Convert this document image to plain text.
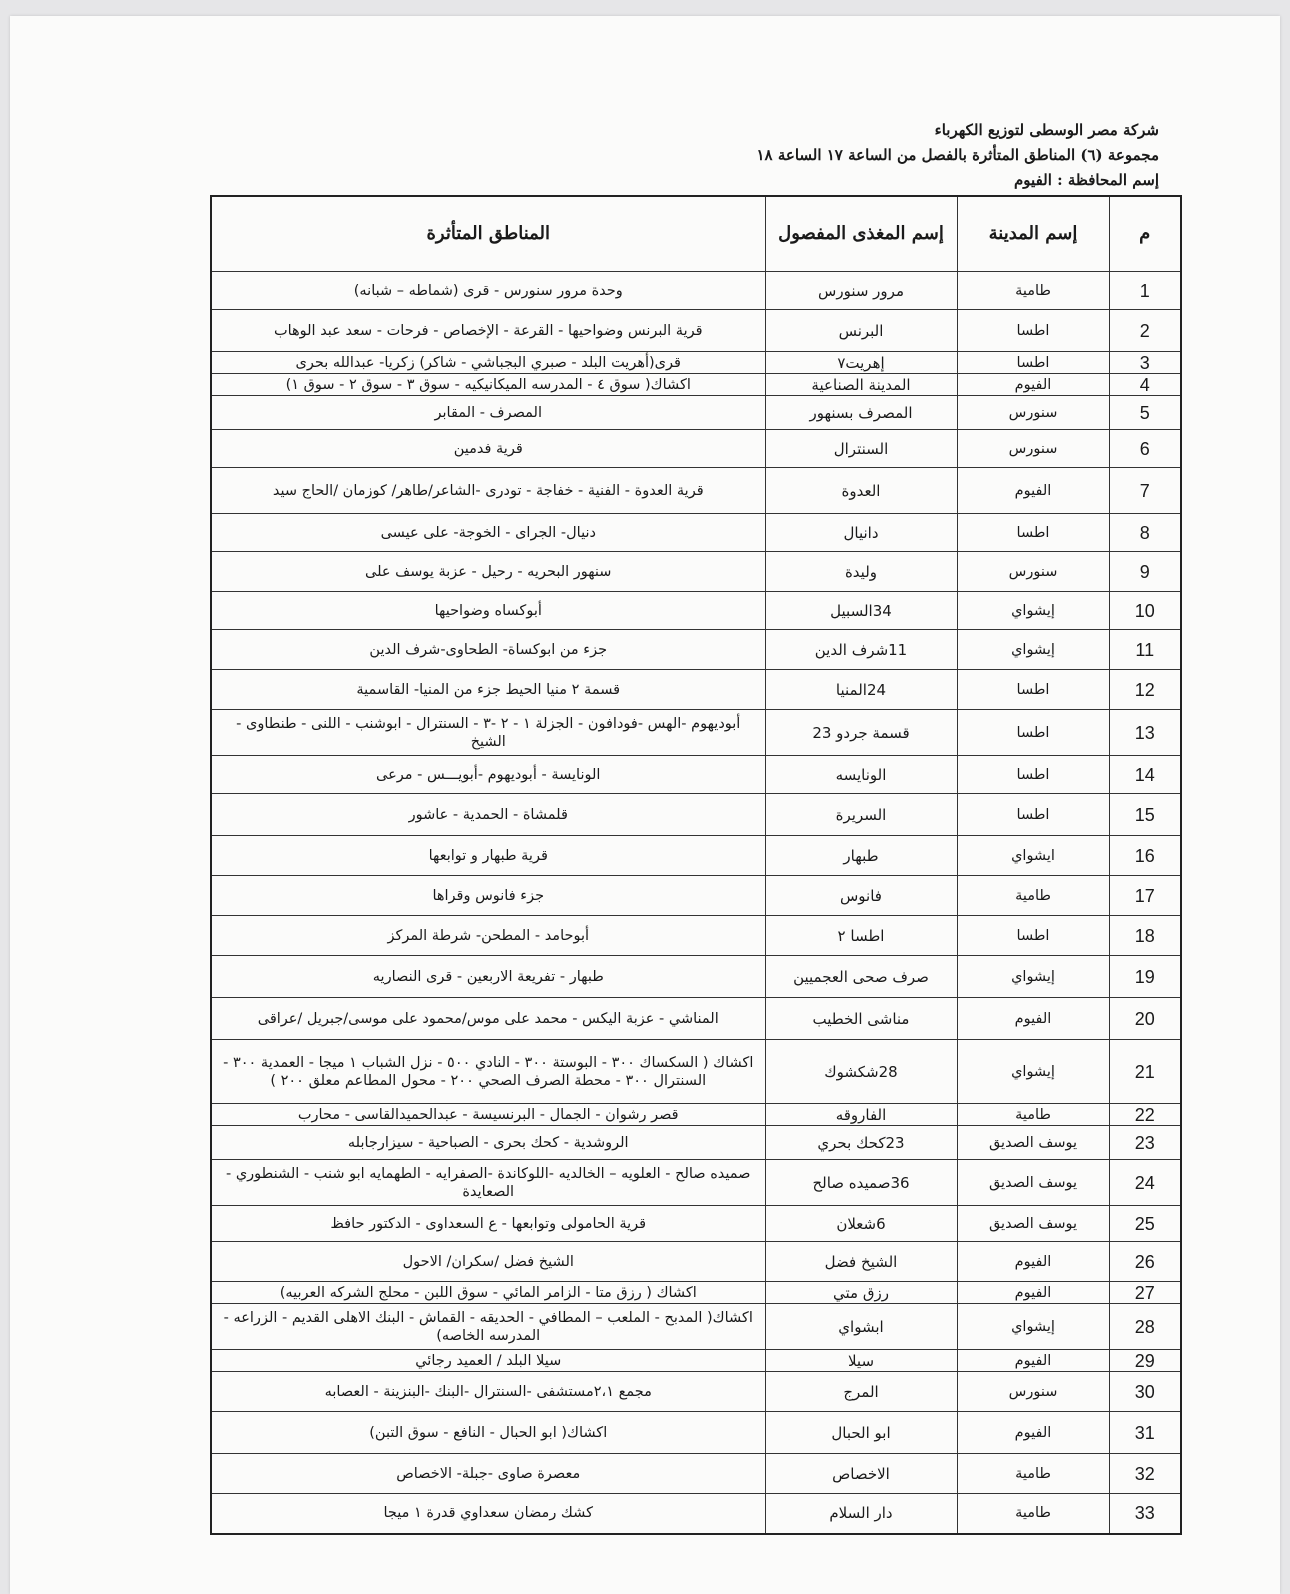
شركة مصر الوسطى لتوزيع الكهرباء
مجموعة (٦) المناطق المتأثرة بالفصل من الساعة ١٧ الساعة ١٨
إسم المحافظة : الفيوم
م	إسم المدينة	إسم المغذى المفصول	المناطق المتأثرة
1	طامية	مرور سنورس	وحدة مرور سنورس - قرى (شماطه – شبانه)
2	اطسا	البرنس	قرية البرنس وضواحيها - القرعة - الإخصاص - فرحات - سعد عبد الوهاب
3	اطسا	إهريت٧	قرى(أهريت البلد - صبري البجباشي - شاكر) زكريا- عبدالله بحرى
4	الفيوم	المدينة الصناعية	اكشاك( سوق ٤ - المدرسه الميكانيكيه - سوق ٣ - سوق ٢ - سوق ١)
5	سنورس	المصرف بسنهور	المصرف - المقابر
6	سنورس	السنترال	قرية فدمين
7	الفيوم	العدوة	قرية العدوة - الفنية - خفاجة - تودرى -الشاعر/طاهر/ كوزمان /الحاج سيد
8	اطسا	دانيال	دنيال- الجراى - الخوجة- على عيسى
9	سنورس	وليدة	سنهور البحريه - رحيل - عزبة يوسف على
10	إيشواي	34السبيل	أبوكساه وضواحيها
11	إيشواي	11شرف الدين	جزء من ابوكساة- الطحاوى-شرف الدين
12	اطسا	24المنيا	قسمة ٢ منيا الحيط جزء من المنيا- القاسمية
13	اطسا	قسمة جردو 23	أبوديهوم -الهس -فودافون - الجزلة ١ - ٢ -٣ - السنترال - ابوشنب - اللنى - طنطاوى - الشيخ
14	اطسا	الونايسه	الونايسة - أبوديهوم -أبويـــس - مرعى
15	اطسا	السريرة	قلمشاة - الحمدية - عاشور
16	ايشواي	طبهار	قرية طبهار و توابعها
17	طامية	فانوس	جزء فانوس وقراها
18	اطسا	اطسا ٢	أبوحامد - المطحن- شرطة المركز
19	إيشواي	صرف صحى العجميين	طبهار - تفريعة الاربعين - قرى النصاريه
20	الفيوم	مناشى الخطيب	المناشي - عزبة اليكس - محمد على موس/محمود على موسى/جبريل /عراقى
21	إيشواي	28شكشوك	اكشاك ( السكساك ٣٠٠ - البوستة ٣٠٠ - النادي ٥٠٠ - نزل الشباب ١ ميجا - العمدية ٣٠٠ - السنترال ٣٠٠ - محطة الصرف الصحي ٢٠٠ - محول المطاعم معلق ٢٠٠ )
22	طامية	الفاروقه	قصر رشوان - الجمال - البرنسيسة - عبدالحميدالقاسى - محارب
23	يوسف الصديق	23كحك بحري	الروشدية - كحك بحرى - الصباحية - سيزارجابله
24	يوسف الصديق	36صميده صالح	صميده صالح - العلويه – الخالديه -اللوكاندة -الصفرايه - الطهمايه ابو شنب - الشنطوري - الصعايدة
25	يوسف الصديق	6شعلان	قرية الحامولى وتوابعها - ع السعداوى - الدكتور حافظ
26	الفيوم	الشيخ فضل	الشيخ فضل /سكران/ الاحول
27	الفيوم	رزق متي	اكشاك ( رزق متا - الزامر المائي - سوق اللبن - محلج الشركه العربيه)
28	إيشواي	ابشواي	اكشاك( المدبح - الملعب – المطافي - الحديقه - القماش - البنك الاهلى القديم - الزراعه - المدرسه الخاصه)
29	الفيوم	سيلا	سيلا البلد / العميد رجائي
30	سنورس	المرج	مجمع ٢،١مستشفى -السنترال -البنك -البنزينة - العصابه
31	الفيوم	ابو الحبال	اكشاك( ابو الحبال - النافع - سوق التبن)
32	طامية	الاخصاص	معصرة صاوى -جبلة- الاخصاص
33	طامية	دار السلام	كشك رمضان سعداوي قدرة ١ ميجا
